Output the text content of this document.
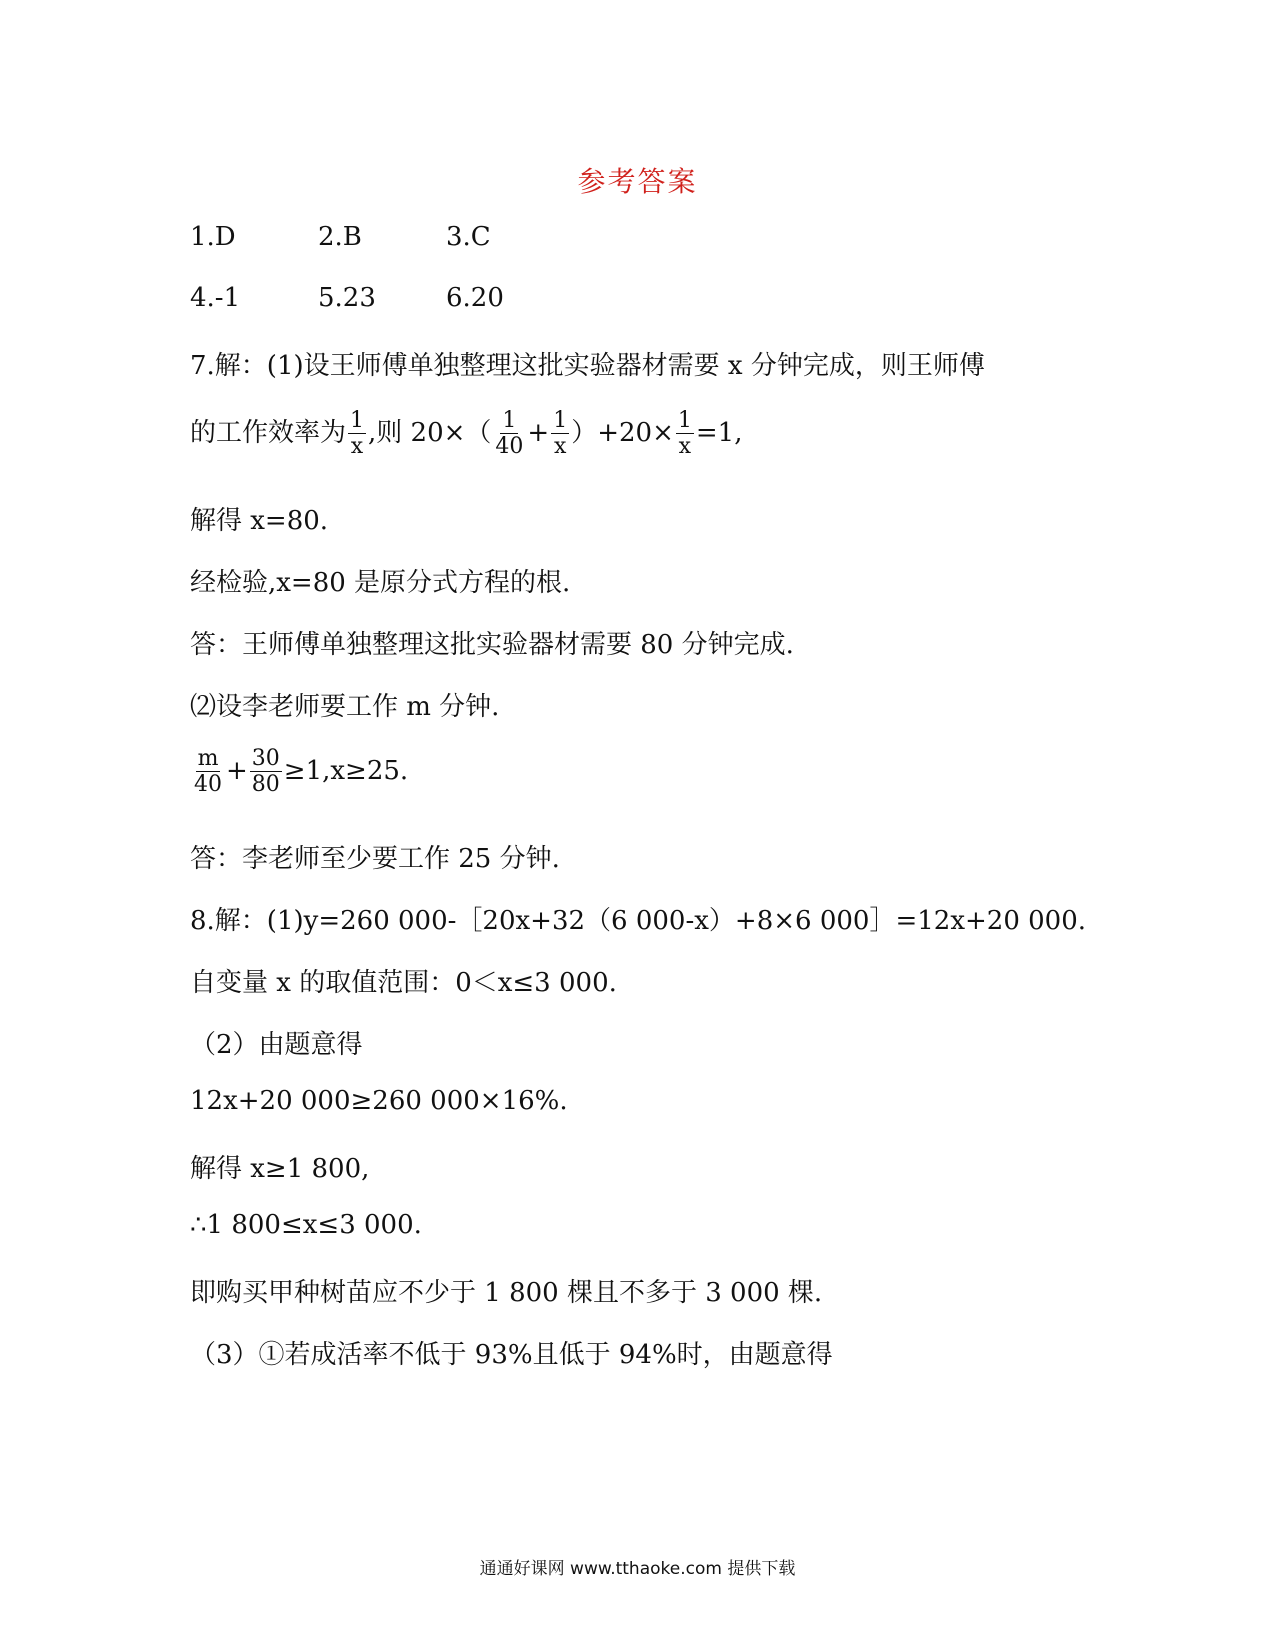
参考答案
1.D	2.B	3.C
4.-1	5.23	6.20
7.解：(1)设王师傅单独整理这批实验器材需要 x 分钟完成，则王师傅
的工作效率为 $\frac{1}{x}$ ,则 $20\times( \frac{1}{40} + \frac{1}{x} )+20\times \frac{1}{x} =1$,
解得 x=80.
经检验,x=80 是原分式方程的根.
答：王师傅单独整理这批实验器材需要 80 分钟完成.
⑵设李老师要工作 m 分钟.
$\frac{m}{40} + \frac{30}{80} \ge 1,x\ge 25$.
答：李老师至少要工作 25 分钟.
8.解：(1)y=260 000-［20x+32（6 000-x）+8×6 000］=12x+20 000.
自变量 x 的取值范围：0＜x≤3 000.
（2）由题意得
12x+20 000≥260 000×16%.
解得 x≥1 800,
∴1 800≤x≤3 000.
即购买甲种树苗应不少于 1 800 棵且不多于 3 000 棵.
（3）①若成活率不低于 93%且低于 94%时，由题意得
通通好课网 www.tthaoke.com 提供下载
